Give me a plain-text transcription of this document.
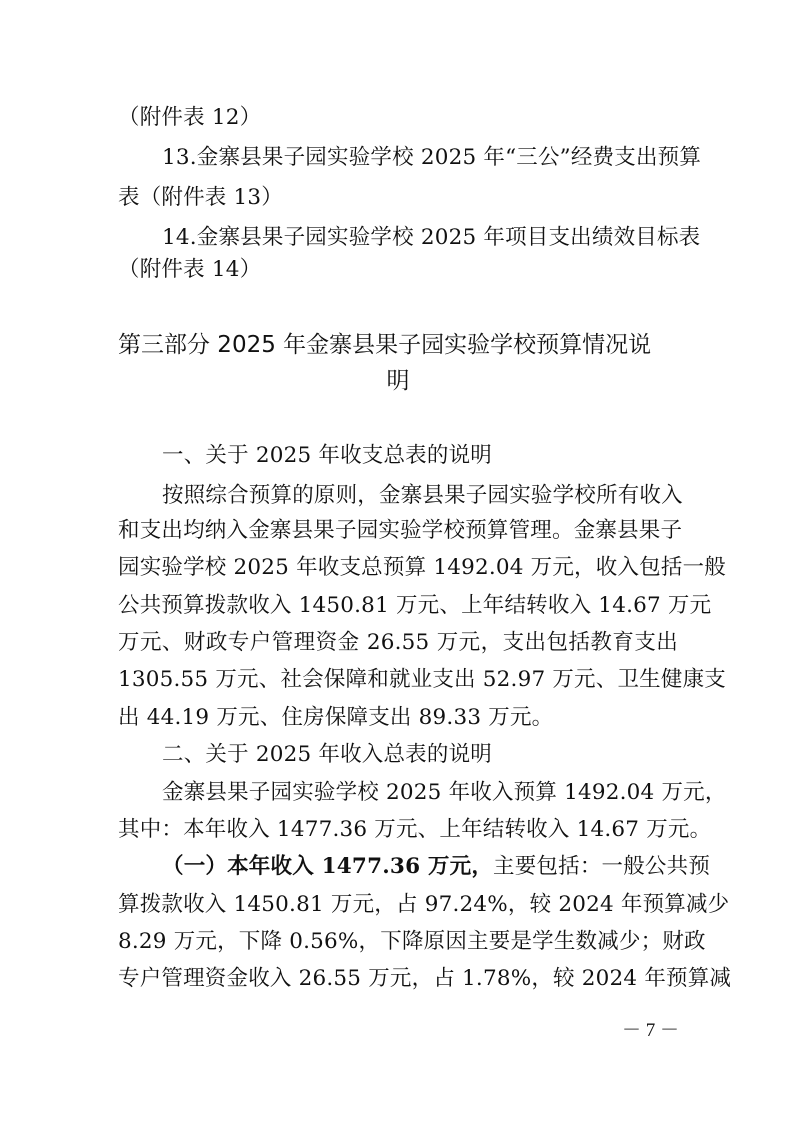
（附件表 12）
13.金寨县果子园实验学校 2025 年“三公”经费支出预算
表（附件表 13）
14.金寨县果子园实验学校 2025 年项目支出绩效目标表
（附件表 14）
第三部分 2025 年金寨县果子园实验学校预算情况说
明
一、关于 2025 年收支总表的说明
按照综合预算的原则，金寨县果子园实验学校所有收入
和支出均纳入金寨县果子园实验学校预算管理。金寨县果子
园实验学校 2025 年收支总预算 1492.04 万元，收入包括一般
公共预算拨款收入 1450.81 万元、上年结转收入 14.67 万元
万元、财政专户管理资金 26.55 万元，支出包括教育支出
1305.55 万元、社会保障和就业支出 52.97 万元、卫生健康支
出 44.19 万元、住房保障支出 89.33 万元。
二、关于 2025 年收入总表的说明
金寨县果子园实验学校 2025 年收入预算 1492.04 万元，
其中：本年收入 1477.36 万元、上年结转收入 14.67 万元。
（一）本年收入 1477.36 万元，主要包括：一般公共预
算拨款收入 1450.81 万元，占 97.24%，较 2024 年预算减少
8.29 万元，下降 0.56%，下降原因主要是学生数减少；财政
专户管理资金收入 26.55 万元，占 1.78%，较 2024 年预算减
－ 7 －
